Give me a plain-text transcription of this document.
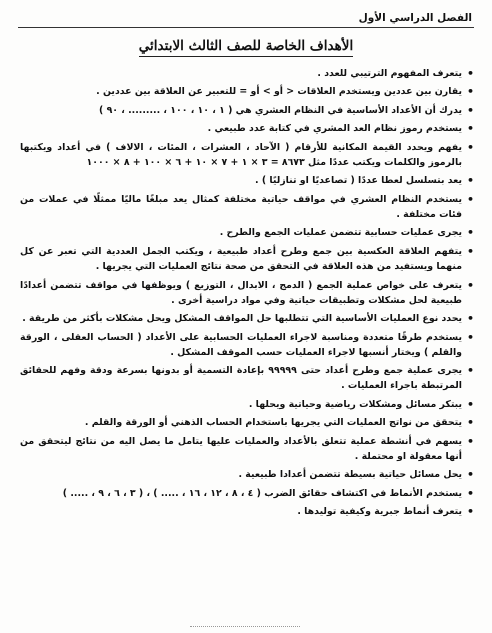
الفصل الدراسي الأول
الأهداف الخاصة للصف الثالث الابتدائي
• يتعرف المفهوم الترتيبي للعدد .
• يقارن بين عددين ويستخدم العلاقات < أو > أو = للتعبير عن العلاقة بين عددين .
• يدرك أن الأعداد الأساسية في النظام العشري هي ( ١ ، ١٠ ، ١٠٠ ، ......... ، ٩٠ )
• يستخدم رموز نظام العد المشري في كتابة عدد طبيعي .
• يفهم ويحدد القيمة المكانية للأرقام ( الآحاد ، العشرات ، المئات ، الالاف ) في أعداد ويكتبها بالرموز والكلمات ويكتب عددًا مثل ٨٦٧٣ = ٣ × ١ + ٧ × ١٠ + ٦ × ١٠٠ + ٨ × ١٠٠٠
• يعد بتسلسل لعطا عددًا ( تصاعديًا او تنازليًا ) .
• يستخدم النظام العشري في مواقف حياتية مختلفة كمثال يعد مبلغًا ماليًا ممثلًا في عملات من فئات مختلفة .
• يجرى عمليات حسابية تتضمن عمليات الجمع والطرح .
• يتفهم العلاقة العكسية بين جمع وطرح أعداد طبيعية ، ويكتب الجمل العددية التي تعبر عن كل منهما ويستفيد من هذه العلاقة في التحقق من صحة نتائج العمليات التي يجريها .
• يتعرف على خواص عملية الجمع ( الدمج ، الابدال ، التوزيع ) ويوظفها في مواقف تتضمن أعدادًا طبيعية لحل مشكلات وتطبيقات حياتية وفي مواد دراسية أخرى .
• يحدد نوع العمليات الأساسية التي تتطلبها حل المواقف المشكل ويحل مشكلات بأكثر من طريقة .
• يستخدم طرقًا متعددة ومناسبة لاجراء العمليات الحسابية على الأعداد ( الحساب العقلى ، الورقة والقلم ) ويختار أنسبها لاجراء العمليات حسب الموقف المشكل .
• يجرى عملية جمع وطرح أعداد حتى ٩٩٩٩٩ بإعادة التسمية أو بدونها بسرعة ودقة وفهم للحقائق المرتبطة باجراء العمليات .
• يبتكر مسائل ومشكلات رياضية وحياتية ويحلها .
• يتحقق من نواتج العمليات التي يجريها باستخدام الحساب الذهني أو الورقة والقلم .
• يسهم في أنشطة عملية تتعلق بالأعداد والعمليات عليها يتامل ما يصل اليه من نتائج ليتحقق من أنها معقولة او محتملة .
• يحل مسائل حياتية بسيطة تتضمن أعدادا طبيعية .
• يستخدم الأنماط في اكتشاف حقائق الضرب ( ٤ ، ٨ ، ١٢ ، ١٦ ، ..... ) ، ( ٣ ، ٦ ، ٩ ، ..... )
• يتعرف أنماط جبرية وكيفية توليدها .
